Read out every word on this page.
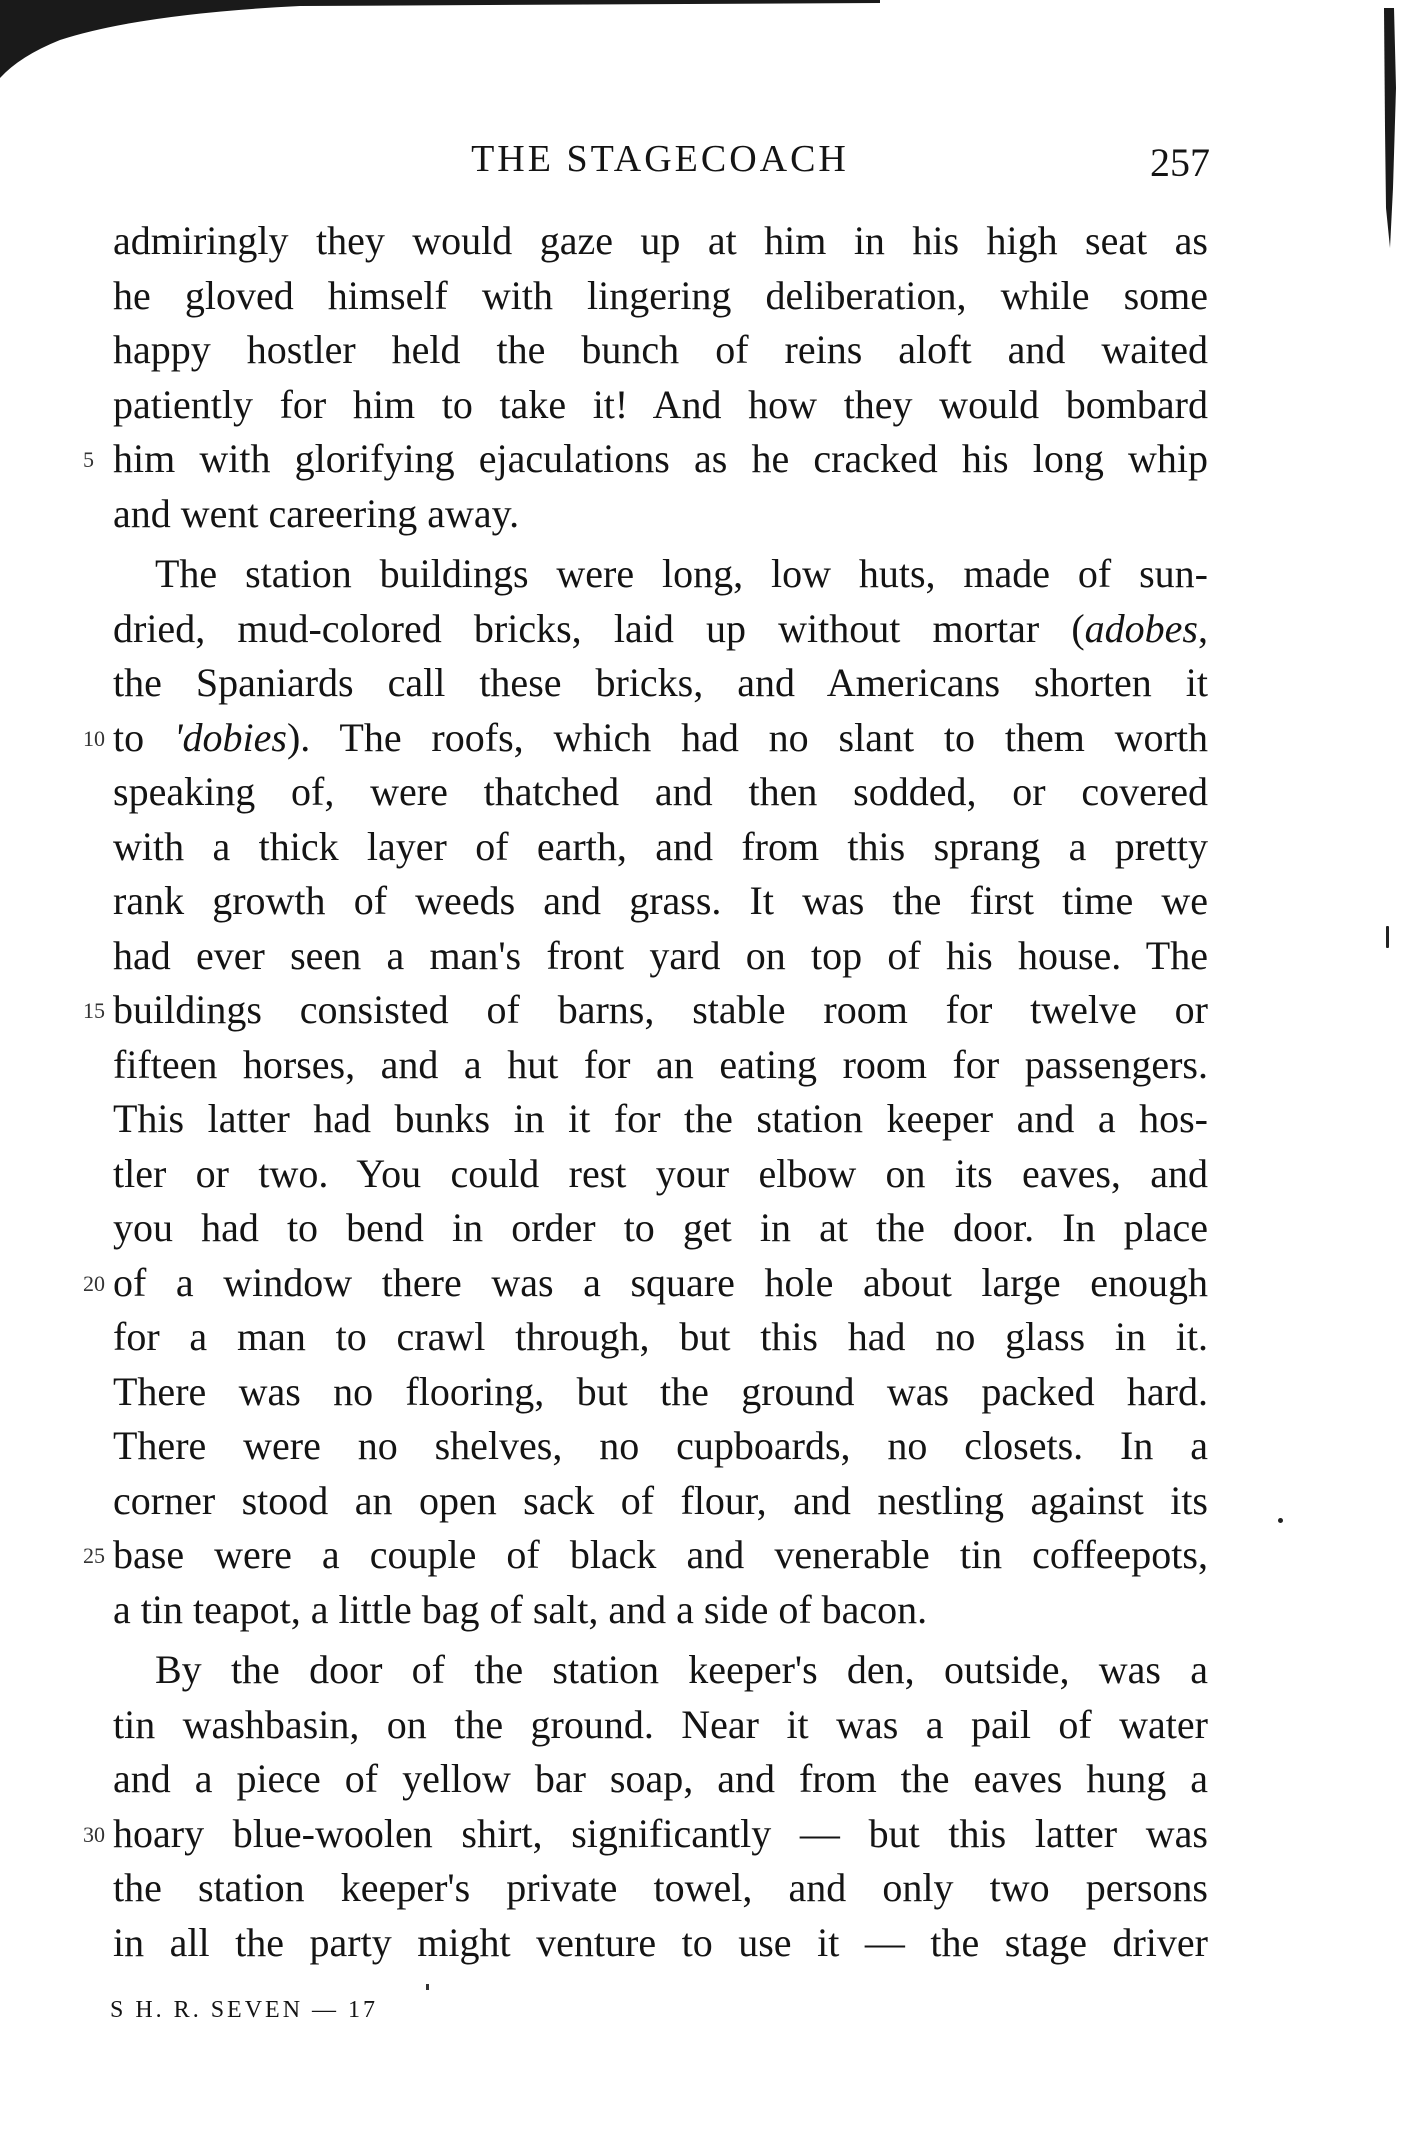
THE STAGECOACH	257
admiringly they would gaze up at him in his high seat as
he gloved himself with lingering deliberation, while some
happy hostler held the bunch of reins aloft and waited
patiently for him to take it! And how they would bombard
5 him with glorifying ejaculations as he cracked his long whip
and went careering away.
The station buildings were long, low huts, made of sun-
dried, mud-colored bricks, laid up without mortar (adobes,
the Spaniards call these bricks, and Americans shorten it
10 to 'dobies). The roofs, which had no slant to them worth
speaking of, were thatched and then sodded, or covered
with a thick layer of earth, and from this sprang a pretty
rank growth of weeds and grass. It was the first time we
had ever seen a man's front yard on top of his house. The
15 buildings consisted of barns, stable room for twelve or
fifteen horses, and a hut for an eating room for passengers.
This latter had bunks in it for the station keeper and a hos-
tler or two. You could rest your elbow on its eaves, and
you had to bend in order to get in at the door. In place
20 of a window there was a square hole about large enough
for a man to crawl through, but this had no glass in it.
There was no flooring, but the ground was packed hard.
There were no shelves, no cupboards, no closets. In a
corner stood an open sack of flour, and nestling against its
25 base were a couple of black and venerable tin coffeepots,
a tin teapot, a little bag of salt, and a side of bacon.
By the door of the station keeper's den, outside, was a
tin washbasin, on the ground. Near it was a pail of water
and a piece of yellow bar soap, and from the eaves hung a
30 hoary blue-woolen shirt, significantly — but this latter was
the station keeper's private towel, and only two persons
in all the party might venture to use it — the stage driver
S H. R. SEVEN — 17
